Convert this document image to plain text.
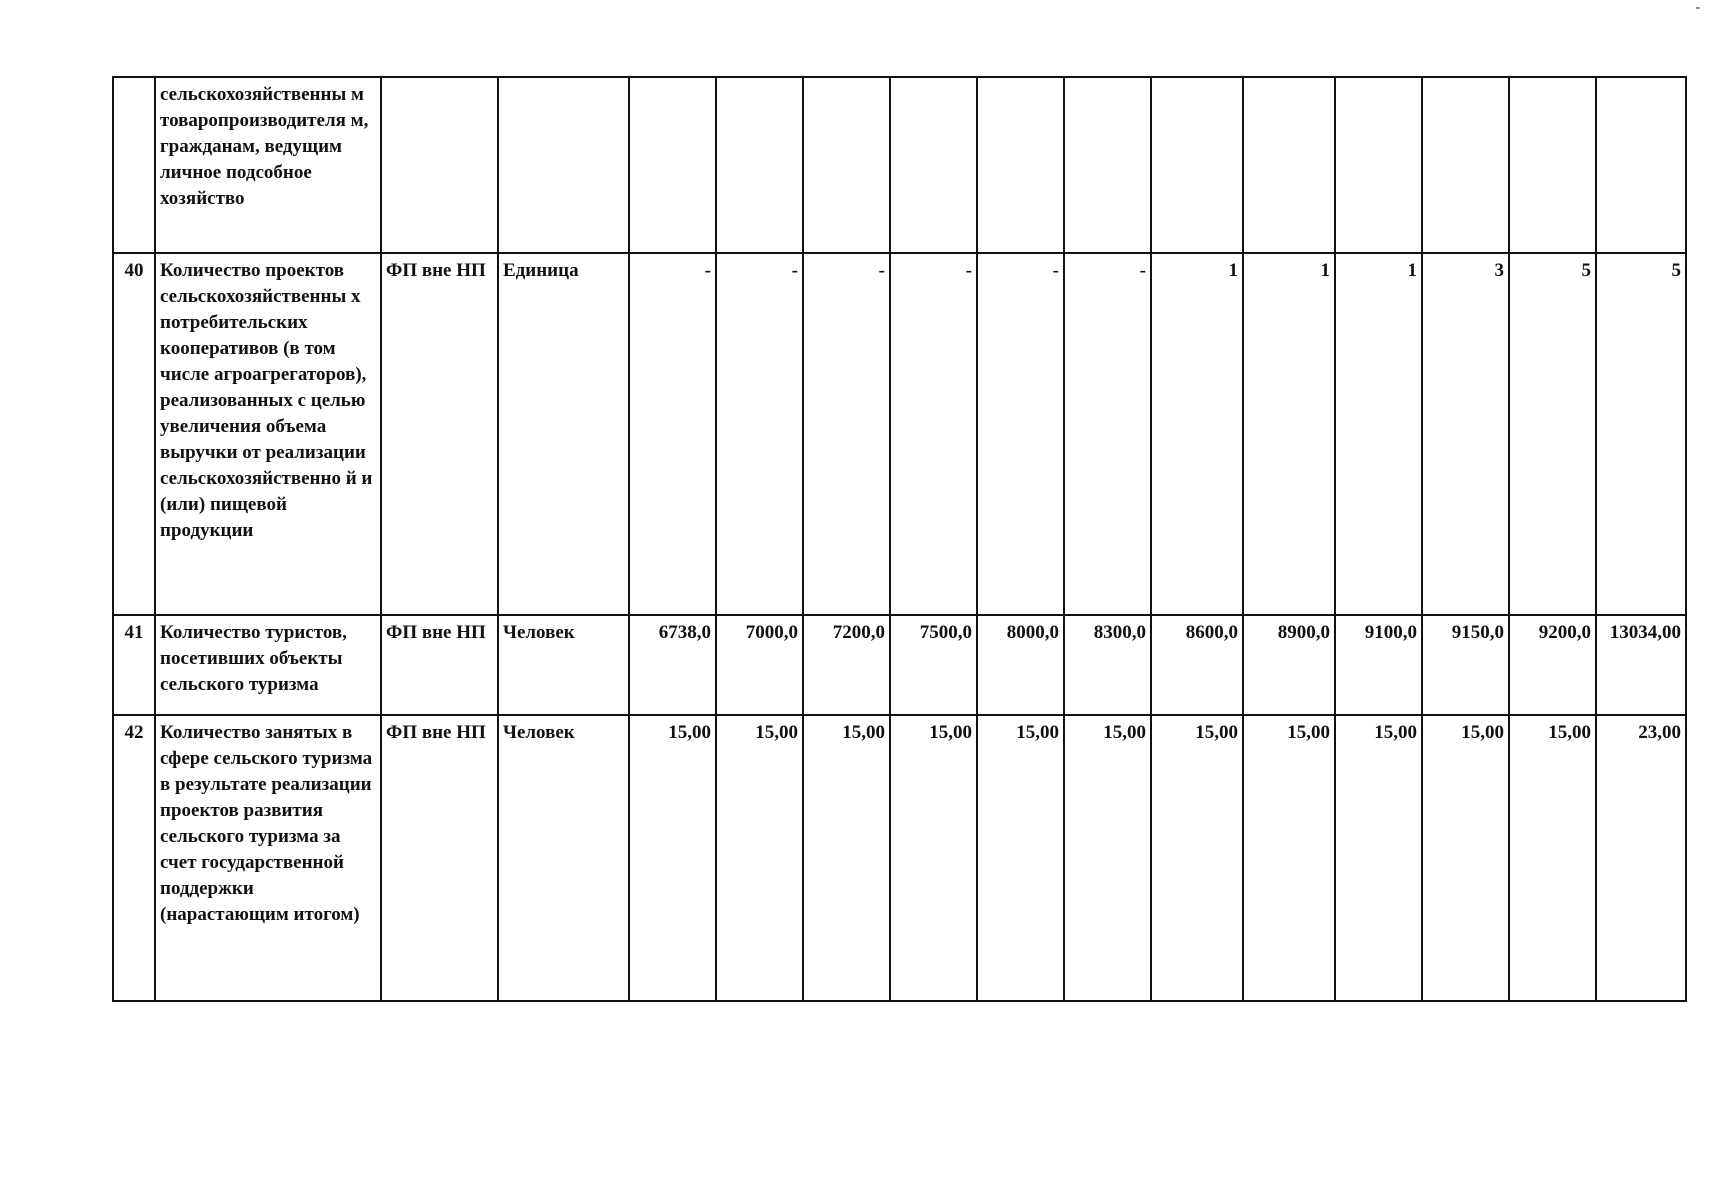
-
	сельскохозяйственны м товаропроизводителя м, гражданам, ведущим личное подсобное хозяйство														
40	Количество проектов сельскохозяйственны х потребительских кооперативов (в том числе агроагрегаторов), реализованных с целью увеличения объема выручки от реализации сельскохозяйственно й и (или) пищевой продукции	ФП вне НП	Единица	-	-	-	-	-	-	1	1	1	3	5	5
41	Количество туристов, посетивших объекты сельского туризма	ФП вне НП	Человек	6738,0	7000,0	7200,0	7500,0	8000,0	8300,0	8600,0	8900,0	9100,0	9150,0	9200,0	13034,00
42	Количество занятых в сфере сельского туризма в результате реализации проектов развития сельского туризма за счет государственной поддержки (нарастающим итогом)	ФП вне НП	Человек	15,00	15,00	15,00	15,00	15,00	15,00	15,00	15,00	15,00	15,00	15,00	23,00
